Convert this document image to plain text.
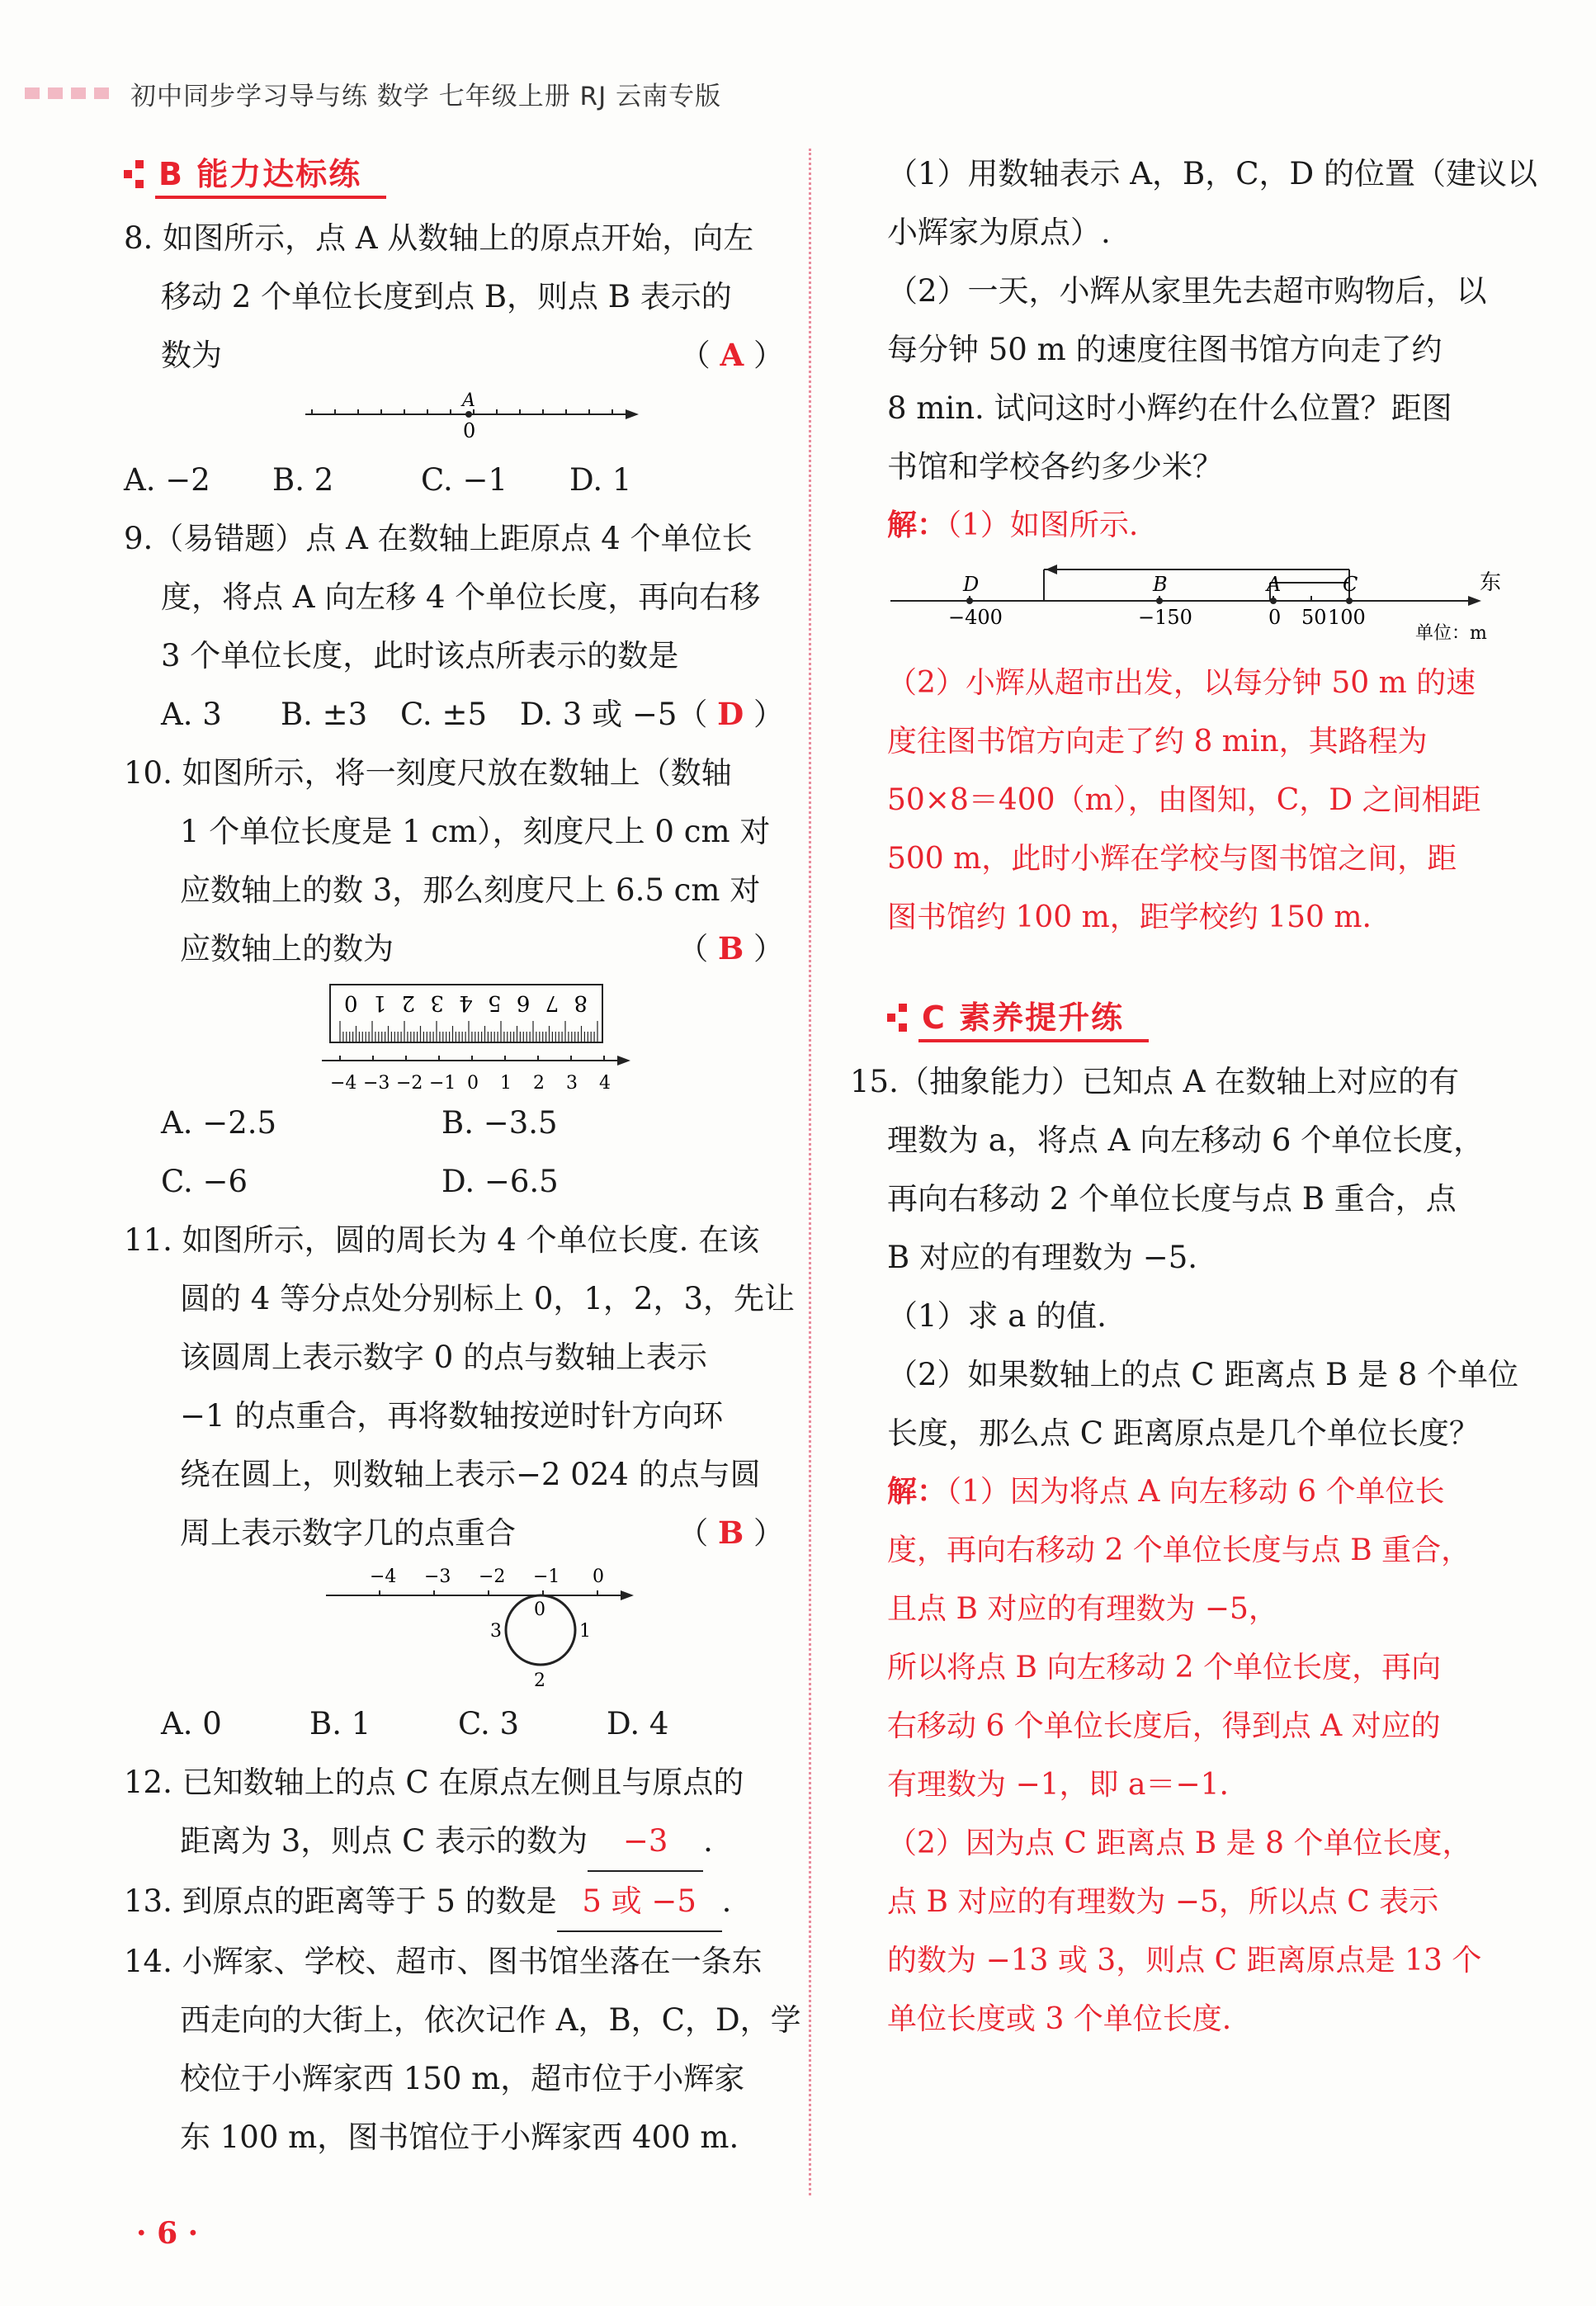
初中同步学习导与练 数学 七年级上册 RJ 云南专版
B 能力达标练
8. 如图所示，点 A 从数轴上的原点开始，向左
移动 2 个单位长度到点 B，则点 B 表示的
数为	（ A ）
A
0
A. −2	B. 2	C. −1	D. 1
9.（易错题）点 A 在数轴上距原点 4 个单位长
度，将点 A 向左移 4 个单位长度，再向右移
3 个单位长度，此时该点所表示的数是
（ D ）
A. 3	B. ±3	C. ±5	D. 3 或 −5
10. 如图所示，将一刻度尺放在数轴上（数轴
1 个单位长度是 1 cm），刻度尺上 0 cm 对
应数轴上的数 3，那么刻度尺上 6.5 cm 对
应数轴上的数为	（ B ）
8 7 6 5 4 3 2 1 0
−4 −3 −2 −1 0 1 2 3 4
A. −2.5	B. −3.5
C. −6	D. −6.5
11. 如图所示，圆的周长为 4 个单位长度. 在该
圆的 4 等分点处分别标上 0，1，2，3，先让
该圆周上表示数字 0 的点与数轴上表示
−1 的点重合，再将数轴按逆时针方向环
绕在圆上，则数轴上表示−2 024 的点与圆
周上表示数字几的点重合	（ B ）
−4 −3 −2 −1 0
0
1
2
3
A. 0	B. 1	C. 3	D. 4
12. 已知数轴上的点 C 在原点左侧且与原点的
距离为 3，则点 C 表示的数为 −3 .
13. 到原点的距离等于 5 的数是 5 或 −5 .
14. 小辉家、学校、超市、图书馆坐落在一条东
西走向的大街上，依次记作 A，B，C，D，学
校位于小辉家西 150 m，超市位于小辉家
东 100 m，图书馆位于小辉家西 400 m.
（1）用数轴表示 A，B，C，D 的位置（建议以
小辉家为原点）.
（2）一天，小辉从家里先去超市购物后，以
每分钟 50 m 的速度往图书馆方向走了约
8 min. 试问这时小辉约在什么位置？距图
书馆和学校各约多少米？
解：（1）如图所示.
−400	−150	0 50 100
D	B	A	C	东
单位：m
（2）小辉从超市出发，以每分钟 50 m 的速
度往图书馆方向走了约 8 min，其路程为
50×8＝400（m），由图知，C，D 之间相距
500 m，此时小辉在学校与图书馆之间，距
图书馆约 100 m，距学校约 150 m.
C 素养提升练
15.（抽象能力）已知点 A 在数轴上对应的有
理数为 a，将点 A 向左移动 6 个单位长度，
再向右移动 2 个单位长度与点 B 重合，点
B 对应的有理数为 −5.
（1）求 a 的值.
（2）如果数轴上的点 C 距离点 B 是 8 个单位
长度，那么点 C 距离原点是几个单位长度？
解：（1）因为将点 A 向左移动 6 个单位长
度，再向右移动 2 个单位长度与点 B 重合，
且点 B 对应的有理数为 −5，
所以将点 B 向左移动 2 个单位长度，再向
右移动 6 个单位长度后，得到点 A 对应的
有理数为 −1，即 a＝−1.
（2）因为点 C 距离点 B 是 8 个单位长度，
点 B 对应的有理数为 −5，所以点 C 表示
的数为 −13 或 3，则点 C 距离原点是 13 个
单位长度或 3 个单位长度.
· 6 ·
